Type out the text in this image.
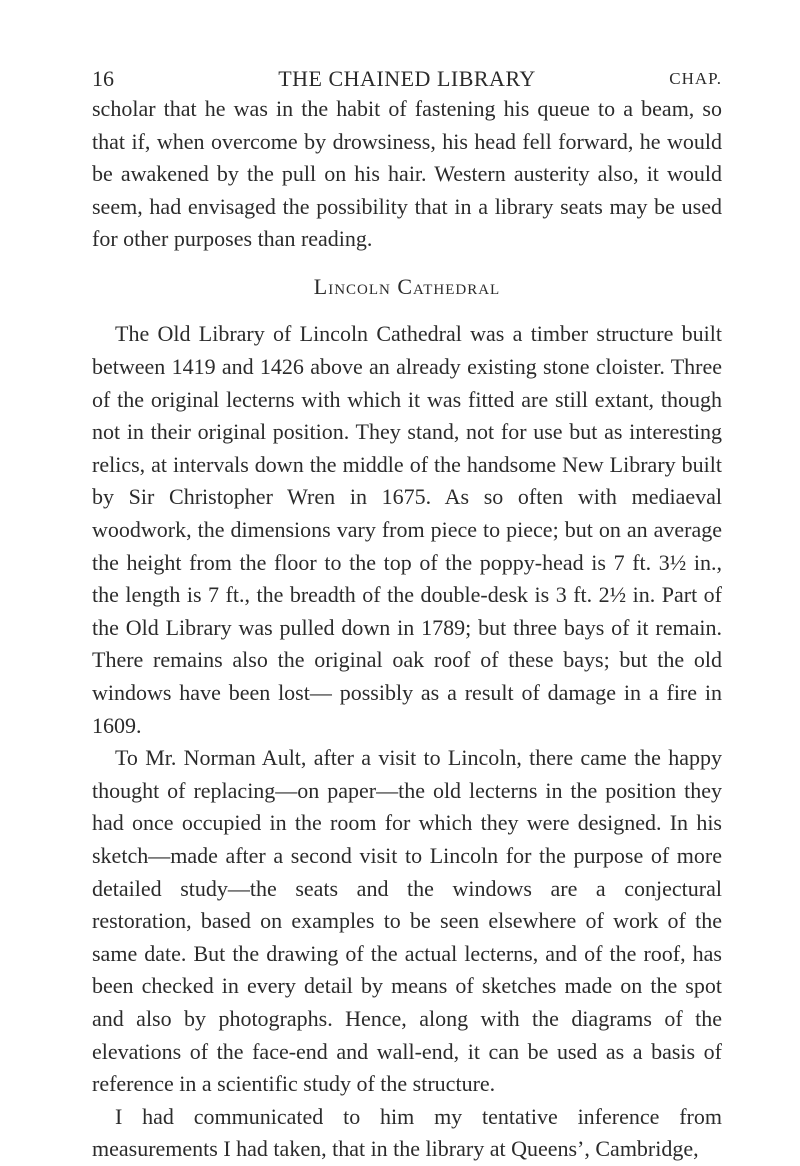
16	THE CHAINED LIBRARY	CHAP.

scholar that he was in the habit of fastening his queue to a beam, so that if, when overcome by drowsiness, his head fell forward, he would be awakened by the pull on his hair. Western austerity also, it would seem, had envisaged the possibility that in a library seats may be used for other purposes than reading.

Lincoln Cathedral

The Old Library of Lincoln Cathedral was a timber structure built between 1419 and 1426 above an already existing stone cloister. Three of the original lecterns with which it was fitted are still extant, though not in their original position. They stand, not for use but as interesting relics, at intervals down the middle of the handsome New Library built by Sir Christopher Wren in 1675. As so often with mediaeval woodwork, the dimensions vary from piece to piece; but on an average the height from the floor to the top of the poppy-head is 7 ft. 3½ in., the length is 7 ft., the breadth of the double-desk is 3 ft. 2½ in. Part of the Old Library was pulled down in 1789; but three bays of it remain. There remains also the original oak roof of these bays; but the old windows have been lost— possibly as a result of damage in a fire in 1609.

To Mr. Norman Ault, after a visit to Lincoln, there came the happy thought of replacing—on paper—the old lecterns in the position they had once occupied in the room for which they were designed. In his sketch—made after a second visit to Lincoln for the purpose of more detailed study—the seats and the windows are a conjectural restoration, based on examples to be seen elsewhere of work of the same date. But the drawing of the actual lecterns, and of the roof, has been checked in every detail by means of sketches made on the spot and also by photographs. Hence, along with the diagrams of the elevations of the face-end and wall-end, it can be used as a basis of reference in a scientific study of the structure.

I had communicated to him my tentative inference from measurements I had taken, that in the library at Queens’, Cambridge,
